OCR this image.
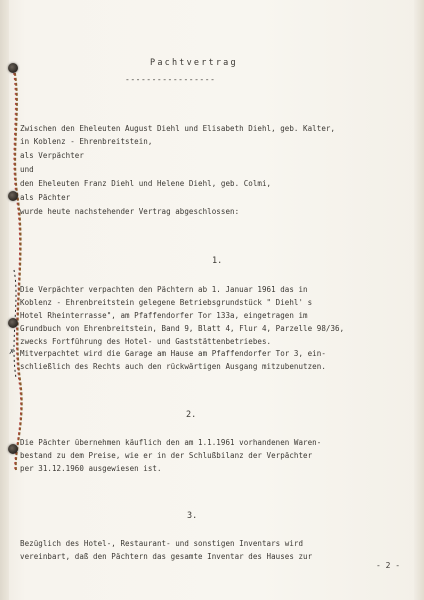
Pachtvertrag
-----------------
Zwischen den Eheleuten August Diehl und Elisabeth Diehl, geb. Kalter,
in Koblenz - Ehrenbreitstein,
als Verpächter
und
den Eheleuten Franz Diehl und Helene Diehl, geb. Colmi,
als Pächter
wurde heute nachstehender Vertrag abgeschlossen:
1.
Die Verpächter verpachten den Pächtern ab 1. Januar 1961 das in
Koblenz - Ehrenbreitstein gelegene Betriebsgrundstück " Diehl' s
Hotel Rheinterrasse", am Pfaffendorfer Tor 133a, eingetragen im
Grundbuch von Ehrenbreitstein, Band 9, Blatt 4, Flur 4, Parzelle 98/36,
zwecks Fortführung des Hotel- und Gaststättenbetriebes.
✗ Mitverpachtet wird die Garage am Hause am Pfaffendorfer Tor 3, ein-
schließlich des Rechts auch den rückwärtigen Ausgang mitzubenutzen.
2.
Die Pächter übernehmen käuflich den am 1.1.1961 vorhandenen Waren-
bestand zu dem Preise, wie er in der Schlußbilanz der Verpächter
per 31.12.1960 ausgewiesen ist.
3.
Bezüglich des Hotel-, Restaurant- und sonstigen Inventars wird
vereinbart, daß den Pächtern das gesamte Inventar des Hauses zur
- 2 -
